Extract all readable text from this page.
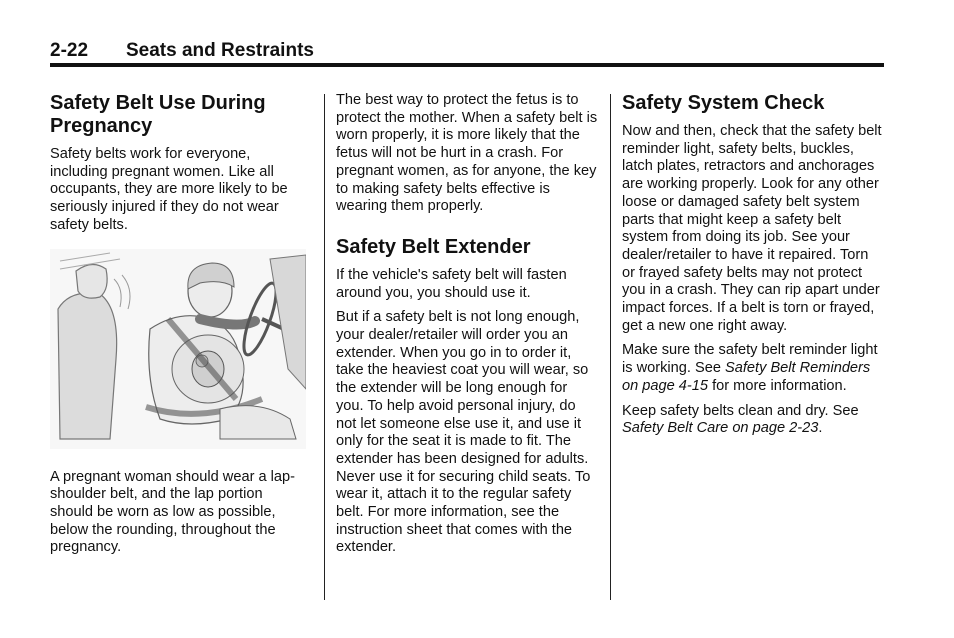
2-22 Seats and Restraints
Safety Belt Use During Pregnancy

Safety belts work for everyone, including pregnant women. Like all occupants, they are more likely to be seriously injured if they do not wear safety belts.

A pregnant woman should wear a lap-shoulder belt, and the lap portion should be worn as low as possible, below the rounding, throughout the pregnancy.

The best way to protect the fetus is to protect the mother. When a safety belt is worn properly, it is more likely that the fetus will not be hurt in a crash. For pregnant women, as for anyone, the key to making safety belts effective is wearing them properly.

Safety Belt Extender

If the vehicle's safety belt will fasten around you, you should use it.

But if a safety belt is not long enough, your dealer/retailer will order you an extender. When you go in to order it, take the heaviest coat you will wear, so the extender will be long enough for you. To help avoid personal injury, do not let someone else use it, and use it only for the seat it is made to fit. The extender has been designed for adults. Never use it for securing child seats. To wear it, attach it to the regular safety belt. For more information, see the instruction sheet that comes with the extender.

Safety System Check

Now and then, check that the safety belt reminder light, safety belts, buckles, latch plates, retractors and anchorages are working properly. Look for any other loose or damaged safety belt system parts that might keep a safety belt system from doing its job. See your dealer/retailer to have it repaired. Torn or frayed safety belts may not protect you in a crash. They can rip apart under impact forces. If a belt is torn or frayed, get a new one right away.

Make sure the safety belt reminder light is working. See Safety Belt Reminders on page 4-15 for more information.

Keep safety belts clean and dry. See Safety Belt Care on page 2-23.
